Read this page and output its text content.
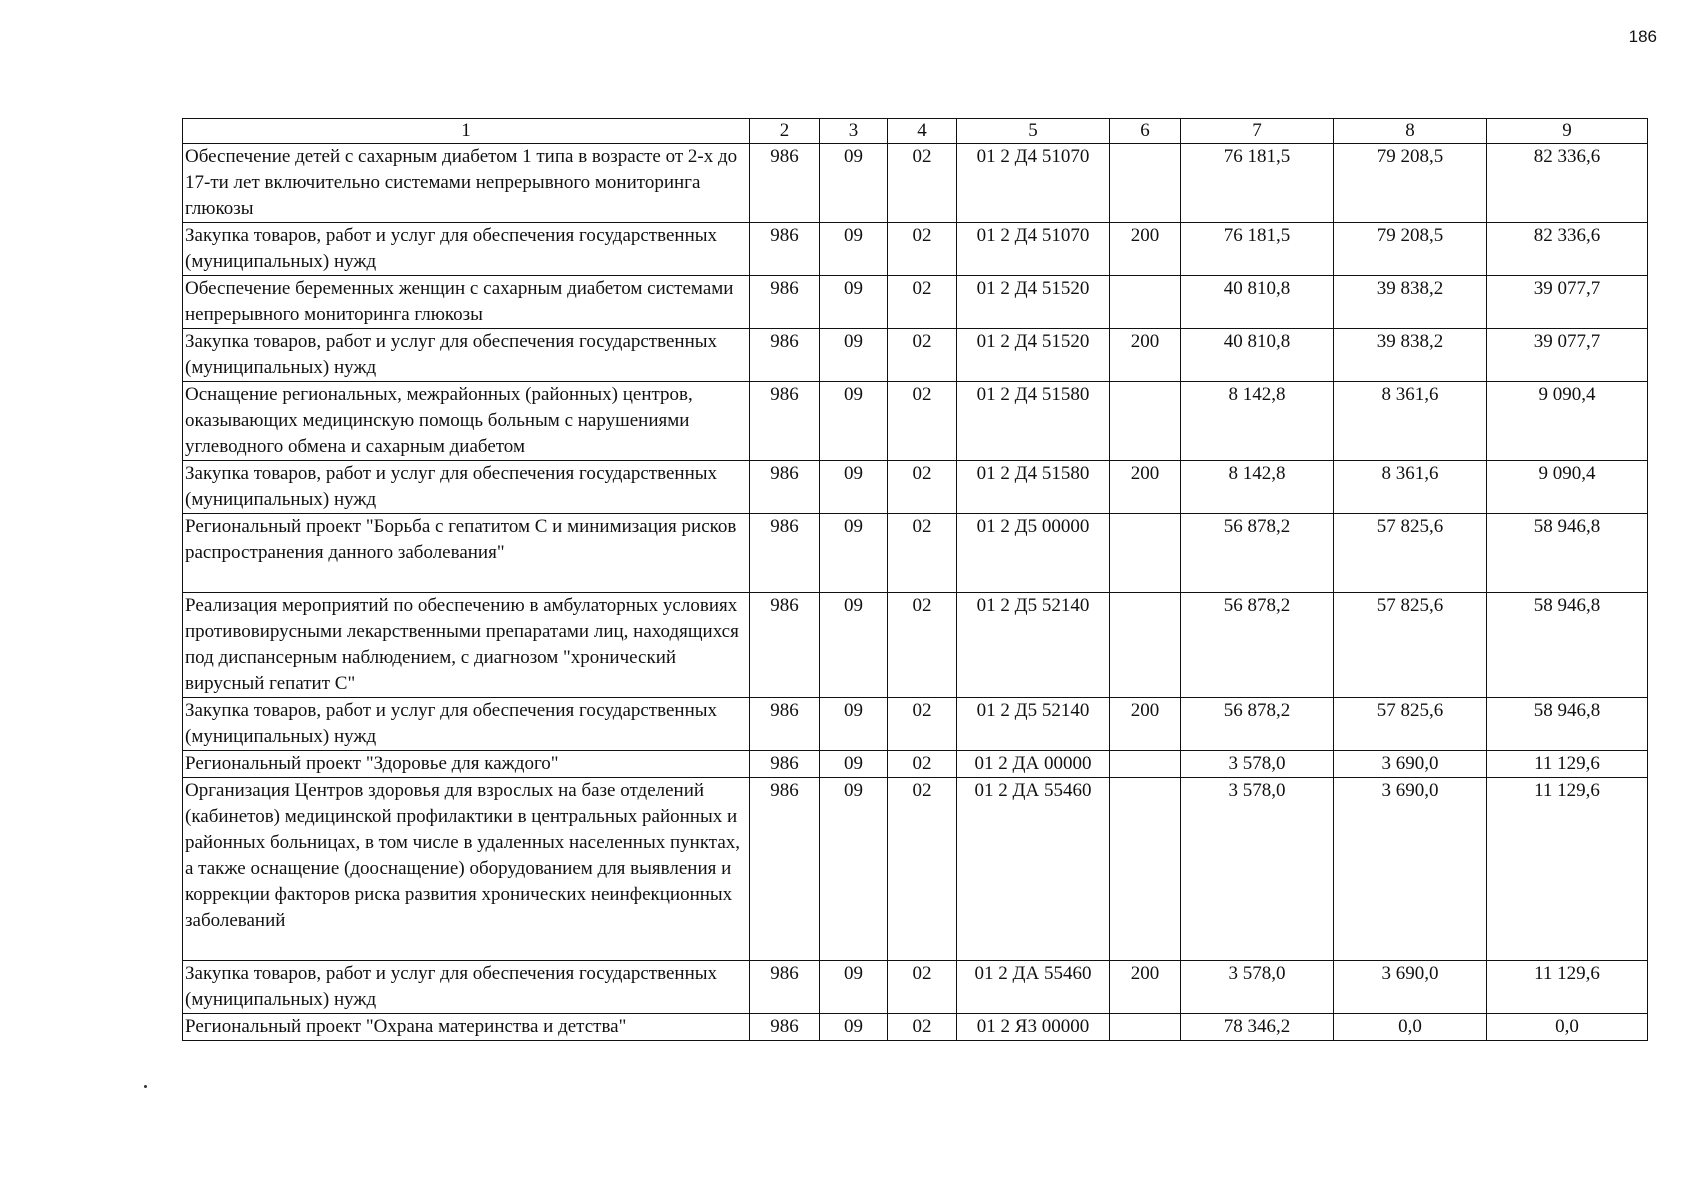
186
1	2	3	4	5	6	7	8	9
Обеспечение детей с сахарным диабетом 1 типа в возрасте от 2-х до 17-ти лет включительно системами непрерывного мониторинга глюкозы	986	09	02	01 2 Д4 51070		76 181,5	79 208,5	82 336,6
Закупка товаров, работ и услуг для обеспечения государственных (муниципальных) нужд	986	09	02	01 2 Д4 51070	200	76 181,5	79 208,5	82 336,6
Обеспечение беременных женщин с сахарным диабетом системами непрерывного мониторинга глюкозы	986	09	02	01 2 Д4 51520		40 810,8	39 838,2	39 077,7
Закупка товаров, работ и услуг для обеспечения государственных (муниципальных) нужд	986	09	02	01 2 Д4 51520	200	40 810,8	39 838,2	39 077,7
Оснащение региональных, межрайонных (районных) центров, оказывающих медицинскую помощь больным с нарушениями углеводного обмена и сахарным диабетом	986	09	02	01 2 Д4 51580		8 142,8	8 361,6	9 090,4
Закупка товаров, работ и услуг для обеспечения государственных (муниципальных) нужд	986	09	02	01 2 Д4 51580	200	8 142,8	8 361,6	9 090,4
Региональный проект "Борьба с гепатитом С и минимизация рисков распространения данного заболевания"	986	09	02	01 2 Д5 00000		56 878,2	57 825,6	58 946,8
Реализация мероприятий по обеспечению в амбулаторных условиях противовирусными лекарственными препаратами лиц, находящихся под диспансерным наблюдением, с диагнозом "хронический вирусный гепатит С"	986	09	02	01 2 Д5 52140		56 878,2	57 825,6	58 946,8
Закупка товаров, работ и услуг для обеспечения государственных (муниципальных) нужд	986	09	02	01 2 Д5 52140	200	56 878,2	57 825,6	58 946,8
Региональный проект "Здоровье для каждого"	986	09	02	01 2 ДА 00000		3 578,0	3 690,0	11 129,6
Организация Центров здоровья для взрослых на базе отделений (кабинетов) медицинской профилактики в центральных районных и районных больницах, в том числе в удаленных населенных пунктах, а также оснащение (дооснащение) оборудованием для выявления и коррекции факторов риска развития хронических неинфекционных заболеваний	986	09	02	01 2 ДА 55460		3 578,0	3 690,0	11 129,6
Закупка товаров, работ и услуг для обеспечения государственных (муниципальных) нужд	986	09	02	01 2 ДА 55460	200	3 578,0	3 690,0	11 129,6
Региональный проект "Охрана материнства и детства"	986	09	02	01 2 Я3 00000		78 346,2	0,0	0,0
